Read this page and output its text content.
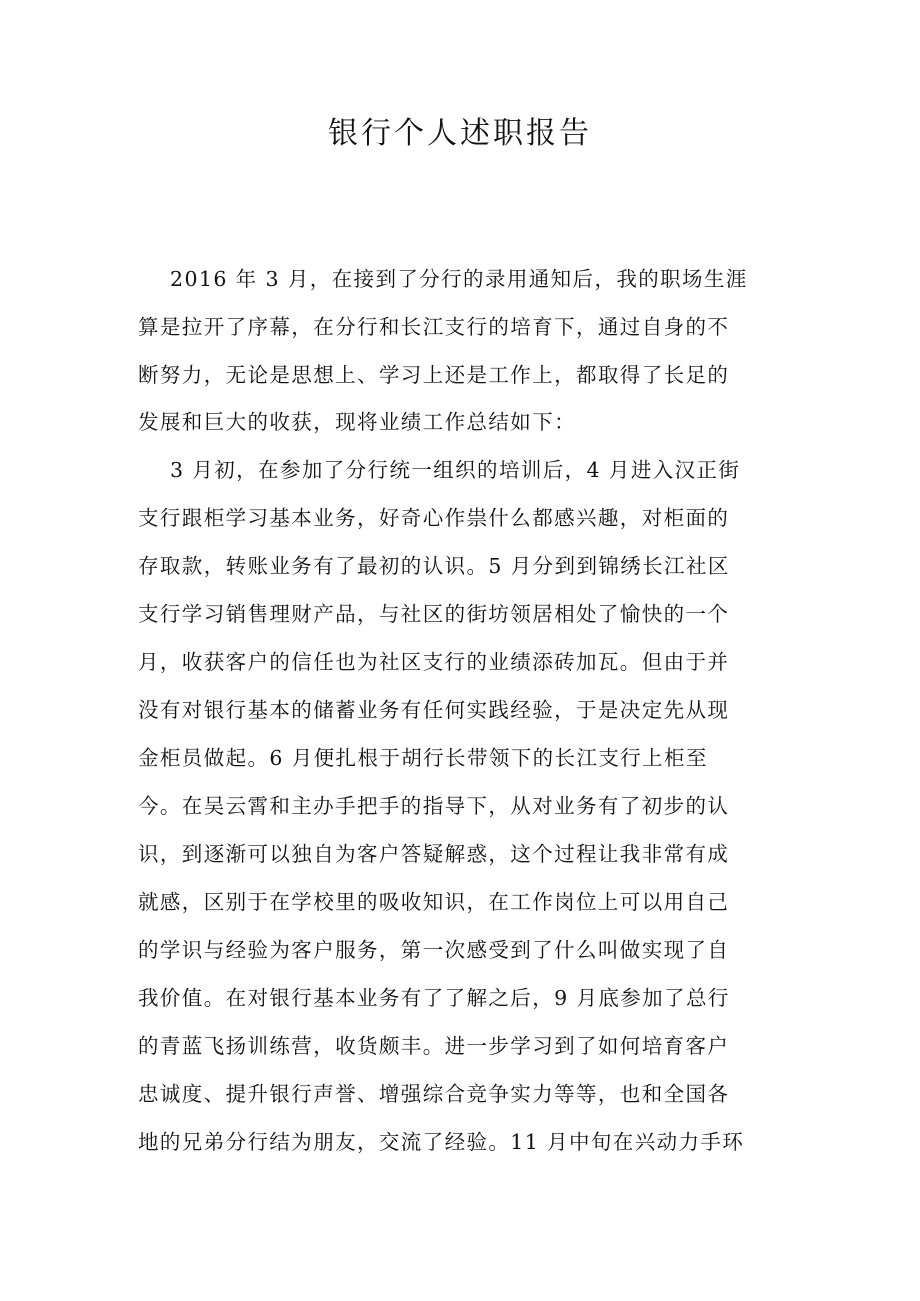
银行个人述职报告
2016 年 3 月，在接到了分行的录用通知后，我的职场生涯
算是拉开了序幕，在分行和长江支行的培育下，通过自身的不
断努力，无论是思想上、学习上还是工作上，都取得了长足的
发展和巨大的收获，现将业绩工作总结如下：
3 月初，在参加了分行统一组织的培训后，4 月进入汉正街
支行跟柜学习基本业务，好奇心作祟什么都感兴趣，对柜面的
存取款，转账业务有了最初的认识。5 月分到到锦绣长江社区
支行学习销售理财产品，与社区的街坊领居相处了愉快的一个
月，收获客户的信任也为社区支行的业绩添砖加瓦。但由于并
没有对银行基本的储蓄业务有任何实践经验，于是决定先从现
金柜员做起。6 月便扎根于胡行长带领下的长江支行上柜至
今。在吴云霄和主办手把手的指导下，从对业务有了初步的认
识，到逐渐可以独自为客户答疑解惑，这个过程让我非常有成
就感，区别于在学校里的吸收知识，在工作岗位上可以用自己
的学识与经验为客户服务，第一次感受到了什么叫做实现了自
我价值。在对银行基本业务有了了解之后，9 月底参加了总行
的青蓝飞扬训练营，收货颇丰。进一步学习到了如何培育客户
忠诚度、提升银行声誉、增强综合竞争实力等等，也和全国各
地的兄弟分行结为朋友，交流了经验。11 月中旬在兴动力手环
